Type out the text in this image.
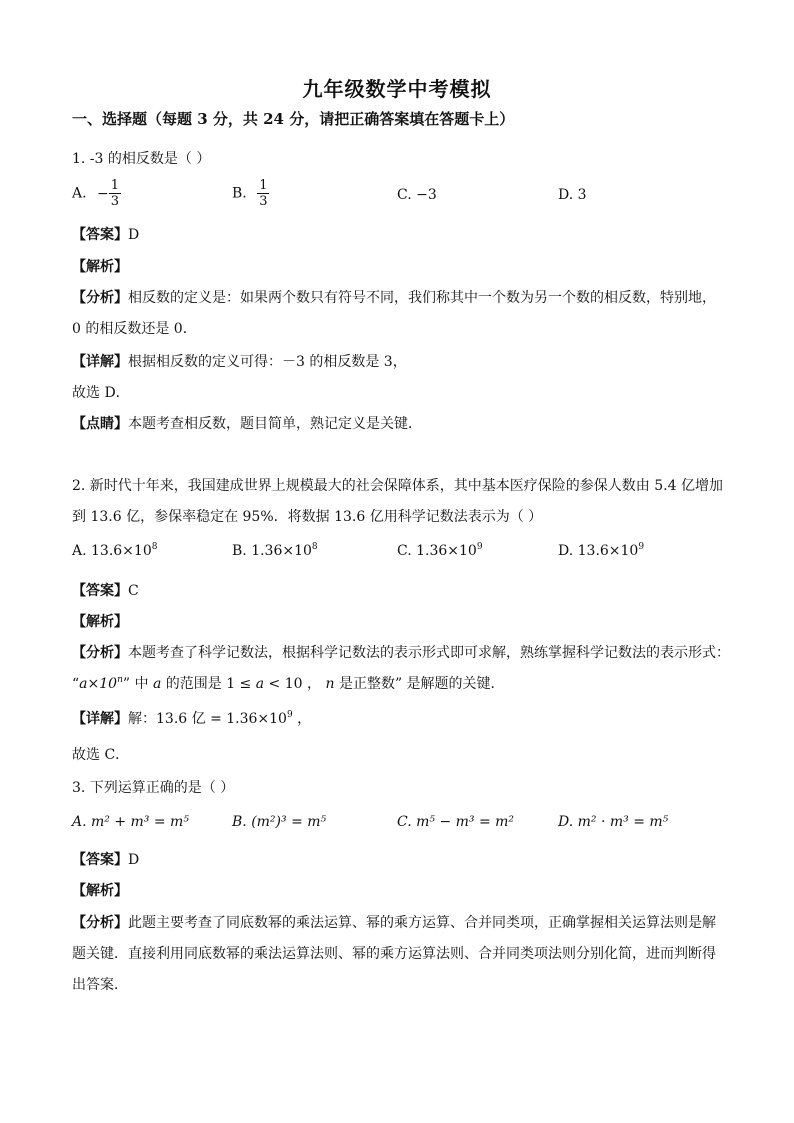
九年级数学中考模拟
一、选择题（每题 3 分，共 24 分，请把正确答案填在答题卡上）
1. -3 的相反数是（ ）
A. − $\frac{1}{3}$	B. $\frac{1}{3}$	C. −3	D. 3
【答案】D
【解析】
【分析】相反数的定义是：如果两个数只有符号不同，我们称其中一个数为另一个数的相反数，特别地，
0 的相反数还是 0．
【详解】根据相反数的定义可得：－3 的相反数是 3，
故选 D．
【点睛】本题考查相反数，题目简单，熟记定义是关键．
2. 新时代十年来，我国建成世界上规模最大的社会保障体系，其中基本医疗保险的参保人数由 5.4 亿增加
到 13.6 亿，参保率稳定在 95%．将数据 13.6 亿用科学记数法表示为（ ）
A. $13.6\times 10^8$	B. $1.36\times 10^8$	C. $1.36\times 10^9$	D. $13.6\times 10^9$
【答案】C
【解析】
【分析】本题考查了科学记数法，根据科学记数法的表示形式即可求解，熟练掌握科学记数法的表示形式：
“$a\times 10^n$” 中 a 的范围是 1 ≤ a < 10 ， n 是正整数” 是解题的关键．
【详解】解：13.6 亿 = $1.36\times 10^9$ ，
故选 C．
3. 下列运算正确的是（ ）
A. m² + m³ = m⁵	B. (m²)³ = m⁵	C. m⁵ − m³ = m²	D. m² · m³ = m⁵
【答案】D
【解析】
【分析】此题主要考查了同底数幂的乘法运算、幂的乘方运算、合并同类项，正确掌握相关运算法则是解
题关键．直接利用同底数幂的乘法运算法则、幂的乘方运算法则、合并同类项法则分别化简，进而判断得
出答案．
